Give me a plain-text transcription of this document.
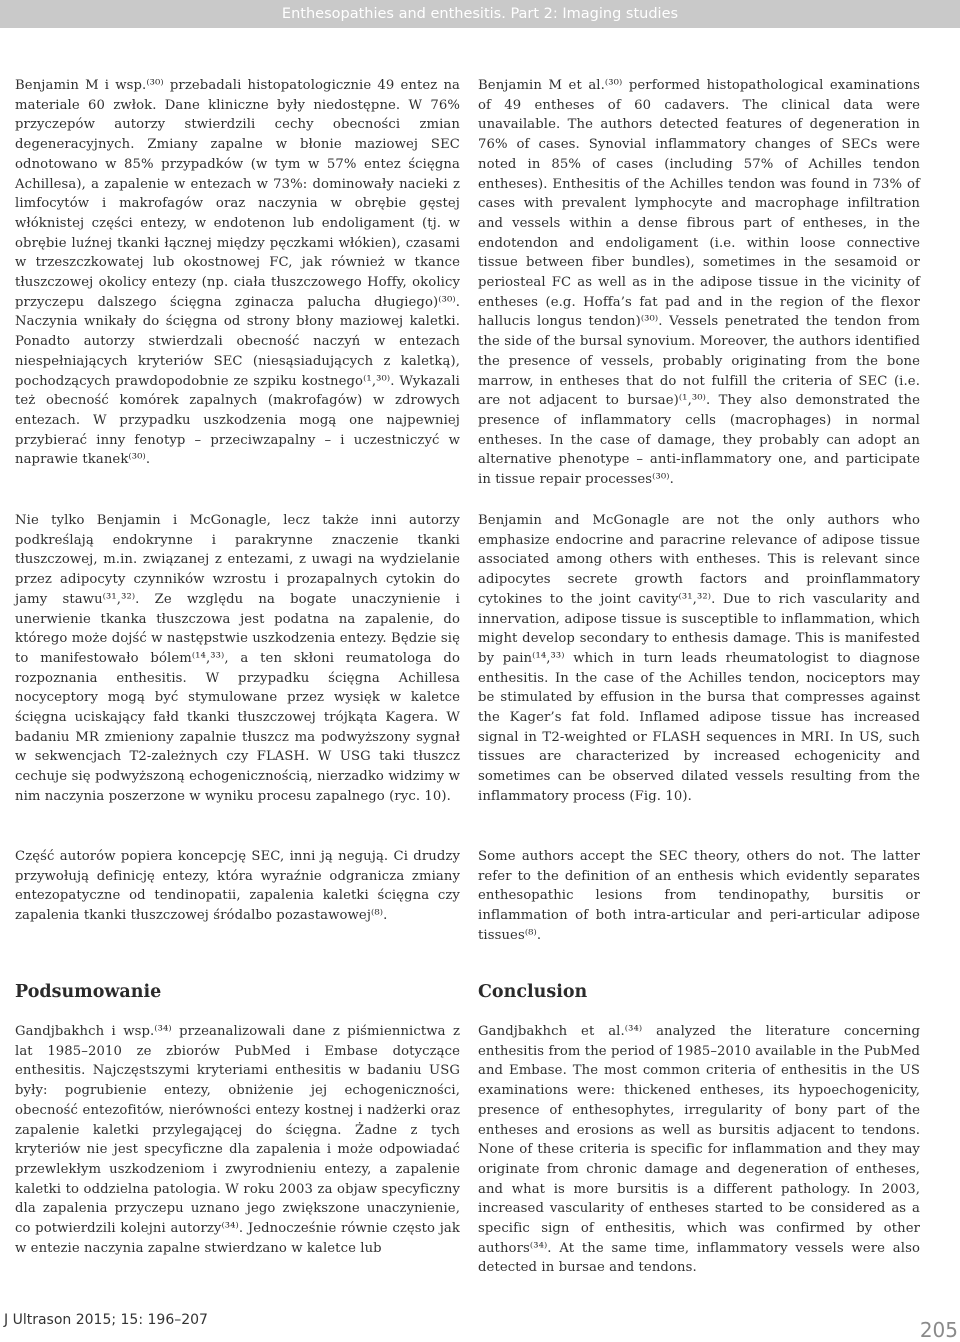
Enthesopathies and enthesitis. Part 2: Imaging studies

Benjamin M i wsp.⁽³⁰⁾ przebadali histopatologicznie 49 entez na materiale 60 zwłok. Dane kliniczne były niedostępne. W 76% przyczepów autorzy stwierdzili cechy obecności zmian degeneracyjnych. Zmiany zapalne w błonie maziowej SEC odnotowano w 85% przypadków (w tym w 57% entez ścięgna Achillesa), a zapalenie w entezach w 73%: dominowały nacieki z limfocytów i makrofagów oraz naczynia w obrębie gęstej włóknistej części entezy, w endotenon lub endoligament (tj. w obrębie luźnej tkanki łącznej między pęczkami włókien), czasami w trzeszczkowatej lub okostnowej FC, jak również w tkance tłuszczowej okolicy entezy (np. ciała tłuszczowego Hoffy, okolicy przyczepu dalszego ścięgna zginacza palucha długiego)⁽³⁰⁾. Naczynia wnikały do ścięgna od strony błony maziowej kaletki. Ponadto autorzy stwierdzali obecność naczyń w entezach niespełniających kryteriów SEC (niesąsiadujących z kaletką), pochodzących prawdopodobnie ze szpiku kostnego⁽¹,³⁰⁾. Wykazali też obecność komórek zapalnych (makrofagów) w zdrowych entezach. W przypadku uszkodzenia mogą one najpewniej przybierać inny fenotyp – przeciwzapalny – i uczestniczyć w naprawie tkanek⁽³⁰⁾.

Nie tylko Benjamin i McGonagle, lecz także inni autorzy podkreślają endokrynne i parakrynne znaczenie tkanki tłuszczowej, m.in. związanej z entezami, z uwagi na wydzielanie przez adipocyty czynników wzrostu i prozapalnych cytokin do jamy stawu⁽³¹,³²⁾. Ze względu na bogate unaczynienie i unerwienie tkanka tłuszczowa jest podatna na zapalenie, do którego może dojść w następstwie uszkodzenia entezy. Będzie się to manifestowało bólem⁽¹⁴,³³⁾, a ten skłoni reumatologa do rozpoznania enthesitis. W przypadku ścięgna Achillesa nocyceptory mogą być stymulowane przez wysięk w kaletce ścięgna uciskający fałd tkanki tłuszczowej trójkąta Kagera. W badaniu MR zmieniony zapalnie tłuszcz ma podwyższony sygnał w sekwencjach T2-zależnych czy FLASH. W USG taki tłuszcz cechuje się podwyższoną echogenicznością, nierzadko widzimy w nim naczynia poszerzone w wyniku procesu zapalnego (ryc. 10).

Część autorów popiera koncepcję SEC, inni ją negują. Ci drudzy przywołują definicję entezy, która wyraźnie odgranicza zmiany entezopatyczne od tendinopatii, zapalenia kaletki ścięgna czy zapalenia tkanki tłuszczowej śródalbo pozastawowej⁽⁸⁾.

Podsumowanie

Gandjbakhch i wsp.⁽³⁴⁾ przeanalizowali dane z piśmiennictwa z lat 1985–2010 ze zbiorów PubMed i Embase dotyczące enthesitis. Najczęstszymi kryteriami enthesitis w badaniu USG były: pogrubienie entezy, obniżenie jej echogeniczności, obecność entezofitów, nierówności entezy kostnej i nadżerki oraz zapalenie kaletki przylegającej do ścięgna. Żadne z tych kryteriów nie jest specyficzne dla zapalenia i może odpowiadać przewlekłym uszkodzeniom i zwyrodnieniu entezy, a zapalenie kaletki to oddzielna patologia. W roku 2003 za objaw specyficzny dla zapalenia przyczepu uznano jego zwiększone unaczynienie, co potwierdzili kolejni autorzy⁽³⁴⁾. Jednocześnie równie często jak w entezie naczynia zapalne stwierdzano w kaletce lub

Benjamin M et al.⁽³⁰⁾ performed histopathological examinations of 49 entheses of 60 cadavers. The clinical data were unavailable. The authors detected features of degeneration in 76% of cases. Synovial inflammatory changes of SECs were noted in 85% of cases (including 57% of Achilles tendon entheses). Enthesitis of the Achilles tendon was found in 73% of cases with prevalent lymphocyte and macrophage infiltration and vessels within a dense fibrous part of entheses, in the endotendon and endoligament (i.e. within loose connective tissue between fiber bundles), sometimes in the sesamoid or periosteal FC as well as in the adipose tissue in the vicinity of entheses (e.g. Hoffa’s fat pad and in the region of the flexor hallucis longus tendon)⁽³⁰⁾. Vessels penetrated the tendon from the side of the bursal synovium. Moreover, the authors identified the presence of vessels, probably originating from the bone marrow, in entheses that do not fulfill the criteria of SEC (i.e. are not adjacent to bursae)⁽¹,³⁰⁾. They also demonstrated the presence of inflammatory cells (macrophages) in normal entheses. In the case of damage, they probably can adopt an alternative phenotype – anti-inflammatory one, and participate in tissue repair processes⁽³⁰⁾.

Benjamin and McGonagle are not the only authors who emphasize endocrine and paracrine relevance of adipose tissue associated among others with entheses. This is relevant since adipocytes secrete growth factors and proinflammatory cytokines to the joint cavity⁽³¹,³²⁾. Due to rich vascularity and innervation, adipose tissue is susceptible to inflammation, which might develop secondary to enthesis damage. This is manifested by pain⁽¹⁴,³³⁾ which in turn leads rheumatologist to diagnose enthesitis. In the case of the Achilles tendon, nociceptors may be stimulated by effusion in the bursa that compresses against the Kager’s fat fold. Inflamed adipose tissue has increased signal in T2-weighted or FLASH sequences in MRI. In US, such tissues are characterized by increased echogenicity and sometimes can be observed dilated vessels resulting from the inflammatory process (Fig. 10).

Some authors accept the SEC theory, others do not. The latter refer to the definition of an enthesis which evidently separates enthesopathic lesions from tendinopathy, bursitis or inflammation of both intra-articular and peri-articular adipose tissues⁽⁸⁾.

Conclusion

Gandjbakhch et al.⁽³⁴⁾ analyzed the literature concerning enthesitis from the period of 1985–2010 available in the PubMed and Embase. The most common criteria of enthesitis in the US examinations were: thickened entheses, its hypoechogenicity, presence of enthesophytes, irregularity of bony part of the entheses and erosions as well as bursitis adjacent to tendons. None of these criteria is specific for inflammation and they may originate from chronic damage and degeneration of entheses, and what is more bursitis is a different pathology. In 2003, increased vascularity of entheses started to be considered as a specific sign of enthesitis, which was confirmed by other authors⁽³⁴⁾. At the same time, inflammatory vessels were also detected in bursae and tendons.

J Ultrason 2015; 15: 196–207	205
